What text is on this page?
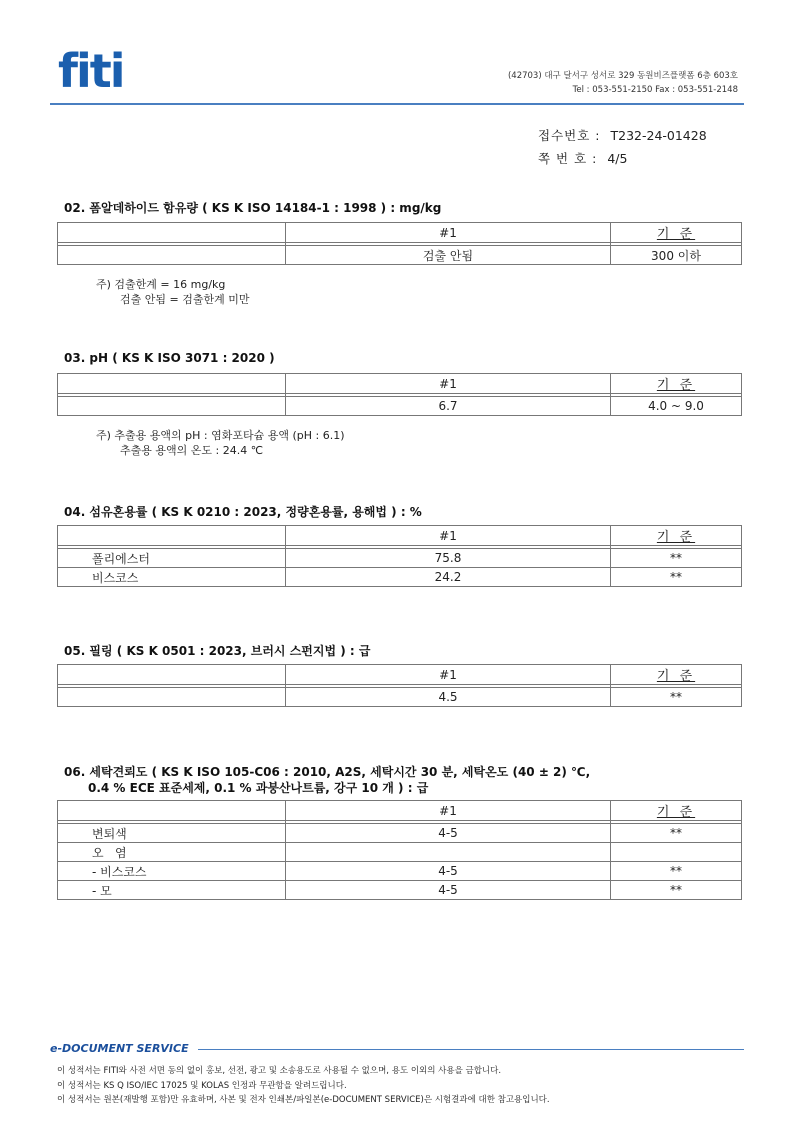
fiti	(42703) 대구 달서구 성서로 329 동원비즈플랫폼 6층 603호
Tel : 053-551-2150 Fax : 053-551-2148
접수번호 : T232-24-01428
쪽 번 호 : 4/5
02. 폼알데하이드 함유량 ( KS K ISO 14184-1 : 1998 ) : mg/kg
	#1	기 준

	검출 안됨	300 이하
주) 검출한계 = 16 mg/kg
검출 안됨 = 검출한계 미만
03. pH ( KS K ISO 3071 : 2020 )
	#1	기 준

	6.7	4.0 ~ 9.0
주) 추출용 용액의 pH : 염화포타슘 용액 (pH : 6.1)
추출용 용액의 온도 : 24.4 ℃
04. 섬유혼용률 ( KS K 0210 : 2023, 정량혼용률, 용해법 ) : %
	#1	기 준

폴리에스터	75.8	**
비스코스	24.2	**
05. 필링 ( KS K 0501 : 2023, 브러시 스펀지법 ) : 급
	#1	기 준

	4.5	**
06. 세탁견뢰도 ( KS K ISO 105-C06 : 2010, A2S, 세탁시간 30 분, 세탁온도 (40 ± 2) ℃,
0.4 % ECE 표준세제, 0.1 % 과붕산나트륨, 강구 10 개 ) : 급
	#1	기 준

변퇴색	4-5	**
오   염		
- 비스코스	4-5	**
- 모	4-5	**
e-DOCUMENT SERVICE
이 성적서는 FITI와 사전 서면 동의 없이 홍보, 선전, 광고 및 소송용도로 사용될 수 없으며, 용도 이외의 사용을 금합니다.
이 성적서는 KS Q ISO/IEC 17025 및 KOLAS 인정과 무관함을 알려드립니다.
이 성적서는 원본(재발행 포함)만 유효하며, 사본 및 전자 인쇄본/파일본(e-DOCUMENT SERVICE)은 시험결과에 대한 참고용입니다.
